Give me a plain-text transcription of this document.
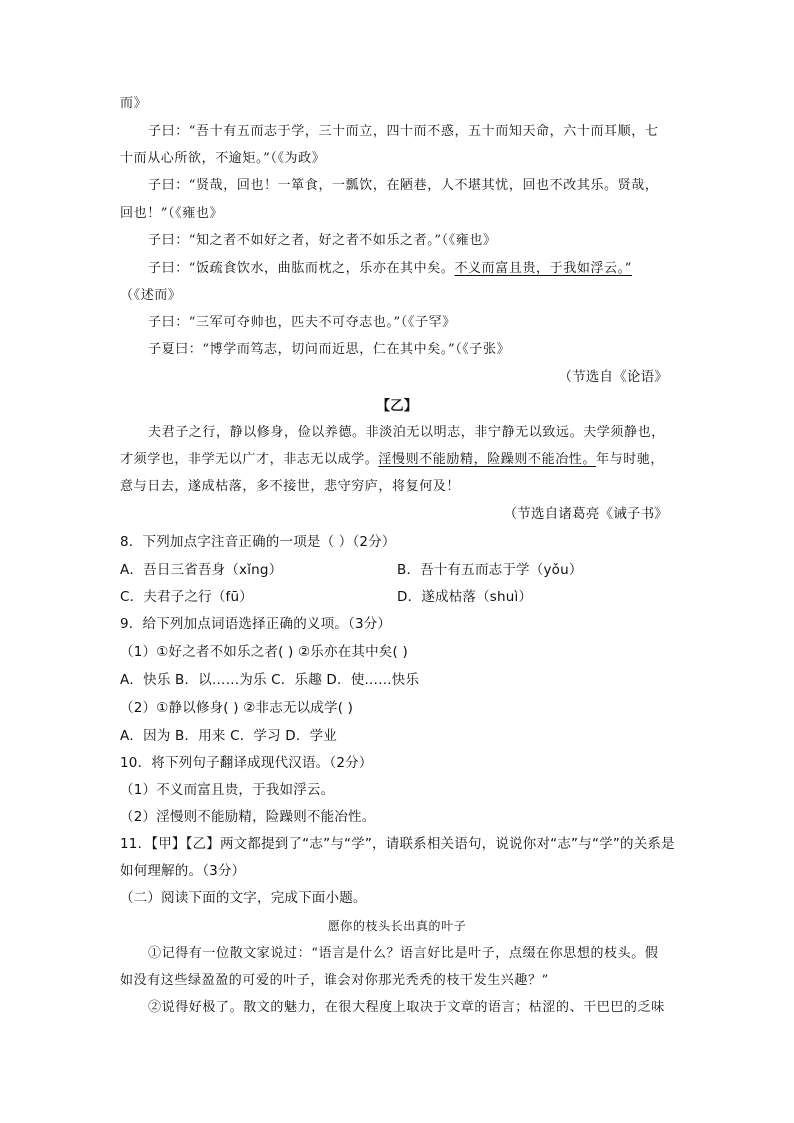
而》
子曰：“吾十有五而志于学，三十而立，四十而不惑，五十而知天命，六十而耳顺，七
十而从心所欲，不逾矩。”（《为政》
子曰：“贤哉，回也！一箪食，一瓢饮，在陋巷，人不堪其忧，回也不改其乐。贤哉，
回也！”（《雍也》
子曰：“知之者不如好之者，好之者不如乐之者。”（《雍也》
子曰：“饭疏食饮水，曲肱而枕之，乐亦在其中矣。不义而富且贵，于我如浮云。”
（《述而》
子曰：“三军可夺帅也，匹夫不可夺志也。”（《子罕》
子夏曰：“博学而笃志，切问而近思，仁在其中矣。”（《子张》
（节选自《论语》
【乙】
夫君子之行，静以修身，俭以养德。非淡泊无以明志，非宁静无以致远。夫学须静也，
才须学也，非学无以广才，非志无以成学。淫慢则不能励精，险躁则不能冶性。年与时驰，
意与日去，遂成枯落，多不接世，悲守穷庐，将复何及！
（节选自诸葛亮《诫子书》
8．下列加点字注音正确的一项是（ ）（2分）
A．吾日三省吾身（xǐng）	B．吾十有五而志于学（yǒu）
C．夫君子之行（fū）	D．遂成枯落（shuì）
9．给下列加点词语选择正确的义项。（3分）
（1）①好之者不如乐之者( ) ②乐亦在其中矣( )
A．快乐 B．以……为乐 C．乐趣 D．使……快乐
（2）①静以修身( ) ②非志无以成学( )
A．因为 B．用来 C．学习 D．学业
10．将下列句子翻译成现代汉语。（2分）
（1）不义而富且贵，于我如浮云。
（2）淫慢则不能励精，险躁则不能冶性。
11．【甲】【乙】两文都提到了“志”与“学”，请联系相关语句，说说你对“志”与“学”的关系是
如何理解的。（3分）
（二）阅读下面的文字，完成下面小题。
愿你的枝头长出真的叶子
①记得有一位散文家说过：“语言是什么？语言好比是叶子，点缀在你思想的枝头。假
如没有这些绿盈盈的可爱的叶子，谁会对你那光秃秃的枝干发生兴趣？”
②说得好极了。散文的魅力，在很大程度上取决于文章的语言；枯涩的、干巴巴的乏味
